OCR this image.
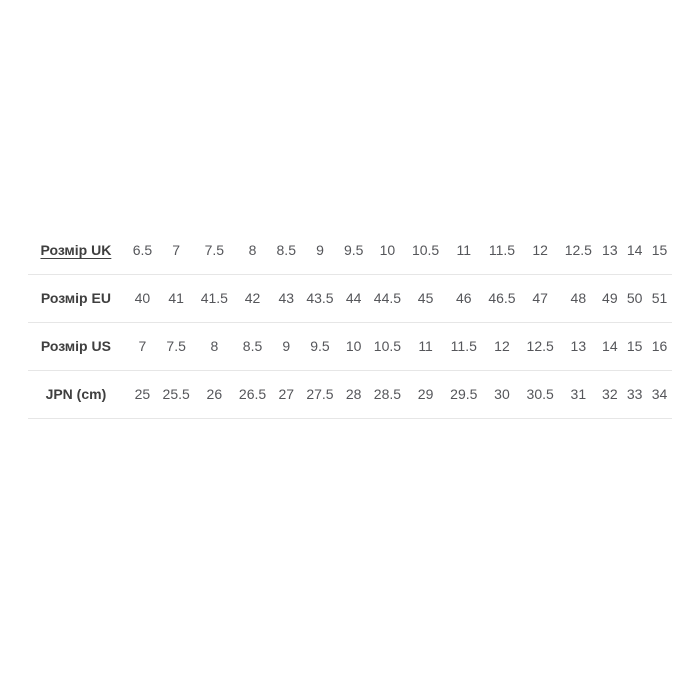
Розмір UK	6.5	7	7.5	8	8.5	9	9.5	10	10.5	11	11.5	12	12.5	13	14	15
Розмір EU	40	41	41.5	42	43	43.5	44	44.5	45	46	46.5	47	48	49	50	51
Розмір US	7	7.5	8	8.5	9	9.5	10	10.5	11	11.5	12	12.5	13	14	15	16
JPN (cm)	25	25.5	26	26.5	27	27.5	28	28.5	29	29.5	30	30.5	31	32	33	34
